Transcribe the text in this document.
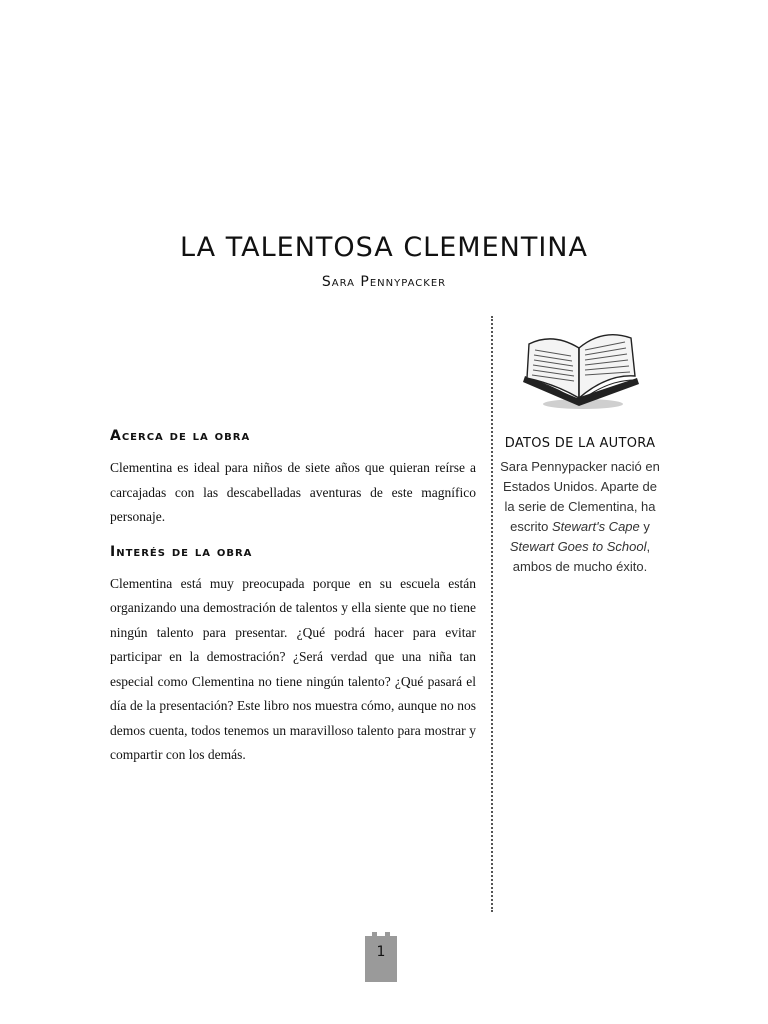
LA TALENTOSA CLEMENTINA
Sara Pennypacker
Acerca de la obra

Clementina es ideal para niños de siete años que quieran reírse a carcajadas con las descabelladas aventuras de este magnífico personaje.

Interés de la obra

Clementina está muy preocupada porque en su escuela están organizando una demostración de talentos y ella siente que no tiene ningún talento para presentar. ¿Qué podrá hacer para evitar participar en la demostración? ¿Será verdad que una niña tan especial como Clementina no tiene ningún talento? ¿Qué pasará el día de la presentación? Este libro nos muestra cómo, aunque no nos demos cuenta, todos tenemos un maravilloso talento para mostrar y compartir con los demás.

DATOS DE LA AUTORA

Sara Pennypacker nació en Estados Unidos. Aparte de la serie de Clementina, ha escrito Stewart's Cape y Stewart Goes to School, ambos de mucho éxito.

1
